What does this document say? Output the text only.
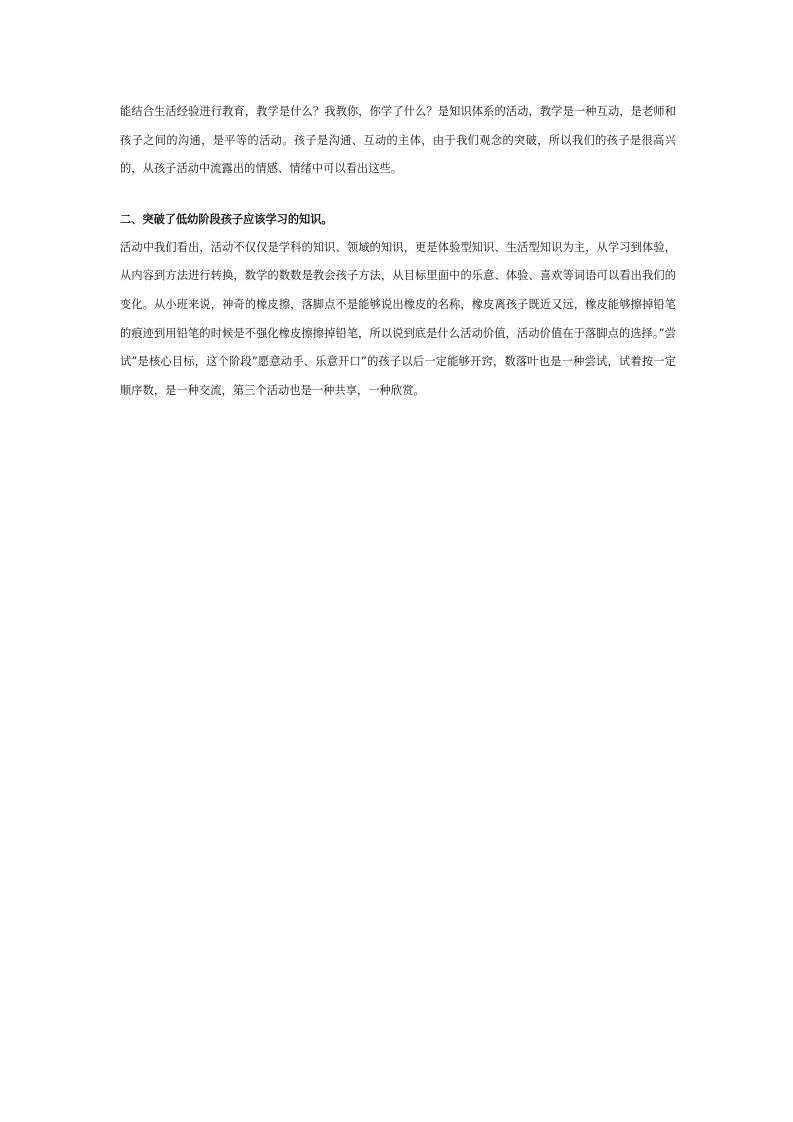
能结合生活经验进行教育，教学是什么？我教你，你学了什么？是知识体系的活动，教学是一种互动，是老师和孩子之间的沟通，是平等的活动。孩子是沟通、互动的主体，由于我们观念的突破，所以我们的孩子是很高兴的，从孩子活动中流露出的情感、情绪中可以看出这些。

二、突破了低幼阶段孩子应该学习的知识。

活动中我们看出，活动不仅仅是学科的知识、领域的知识，更是体验型知识、生活型知识为主，从学习到体验，从内容到方法进行转换，数学的数数是教会孩子方法，从目标里面中的乐意、体验、喜欢等词语可以看出我们的变化。从小班来说，神奇的橡皮擦，落脚点不是能够说出橡皮的名称，橡皮离孩子既近又远，橡皮能够擦掉铅笔的痕迹到用铅笔的时候是不强化橡皮擦擦掉铅笔，所以说到底是什么活动价值，活动价值在于落脚点的选择。”尝试”是核心目标，这个阶段”愿意动手、乐意开口”的孩子以后一定能够开窍，数落叶也是一种尝试，试着按一定顺序数，是一种交流，第三个活动也是一种共享，一种欣赏。
